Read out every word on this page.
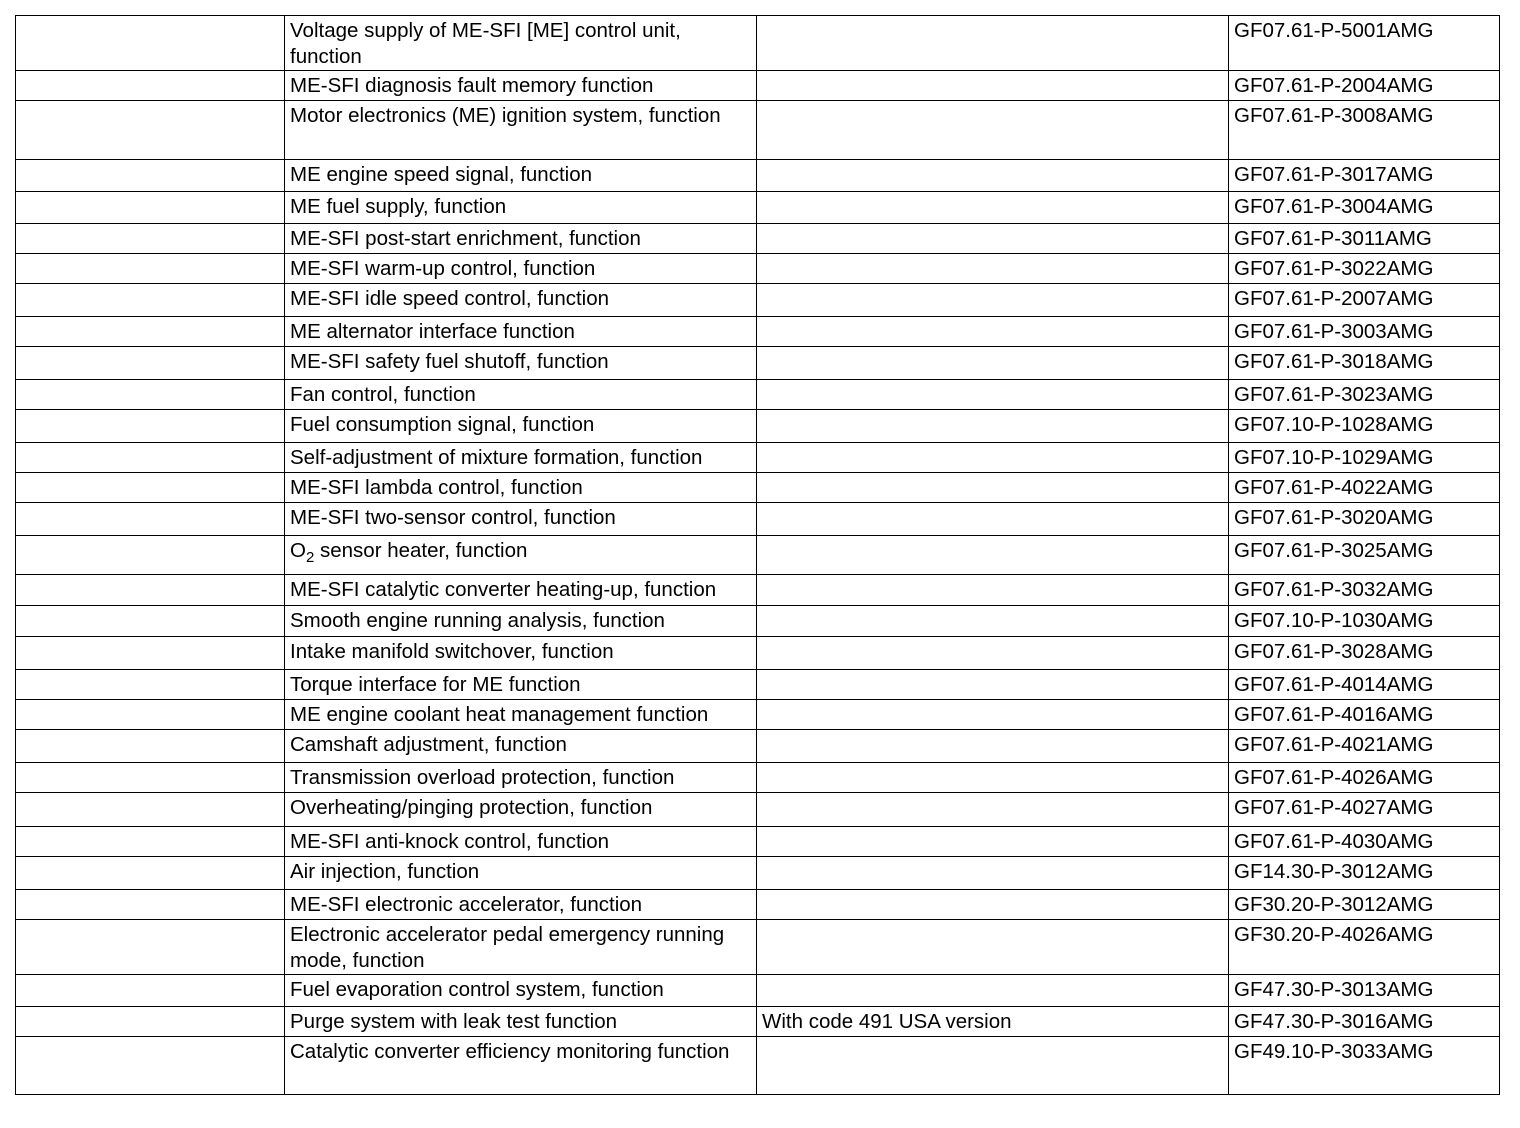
	Voltage supply of ME-SFI [ME] control unit, function		GF07.61-P-5001AMG

	ME-SFI diagnosis fault memory function		GF07.61-P-2004AMG

	Motor electronics (ME) ignition system, function		GF07.61-P-3008AMG

	ME engine speed signal, function		GF07.61-P-3017AMG

	ME fuel supply, function		GF07.61-P-3004AMG

	ME-SFI post-start enrichment, function		GF07.61-P-3011AMG

	ME-SFI warm-up control, function		GF07.61-P-3022AMG

	ME-SFI idle speed control, function		GF07.61-P-2007AMG

	ME alternator interface function		GF07.61-P-3003AMG

	ME-SFI safety fuel shutoff, function		GF07.61-P-3018AMG

	Fan control, function		GF07.61-P-3023AMG

	Fuel consumption signal, function		GF07.10-P-1028AMG

	Self-adjustment of mixture formation, function		GF07.10-P-1029AMG

	ME-SFI lambda control, function		GF07.61-P-4022AMG

	ME-SFI two-sensor control, function		GF07.61-P-3020AMG

	$O_2$ sensor heater, function		GF07.61-P-3025AMG

	ME-SFI catalytic converter heating-up, function		GF07.61-P-3032AMG

	Smooth engine running analysis, function		GF07.10-P-1030AMG

	Intake manifold switchover, function		GF07.61-P-3028AMG

	Torque interface for ME function		GF07.61-P-4014AMG

	ME engine coolant heat management function		GF07.61-P-4016AMG

	Camshaft adjustment, function		GF07.61-P-4021AMG

	Transmission overload protection, function		GF07.61-P-4026AMG

	Overheating/pinging protection, function		GF07.61-P-4027AMG

	ME-SFI anti-knock control, function		GF07.61-P-4030AMG

	Air injection, function		GF14.30-P-3012AMG

	ME-SFI electronic accelerator, function		GF30.20-P-3012AMG

	Electronic accelerator pedal emergency running mode, function		GF30.20-P-4026AMG

	Fuel evaporation control system, function		GF47.30-P-3013AMG

	Purge system with leak test function	With code 491 USA version	GF47.30-P-3016AMG

	Catalytic converter efficiency monitoring function		GF49.10-P-3033AMG
